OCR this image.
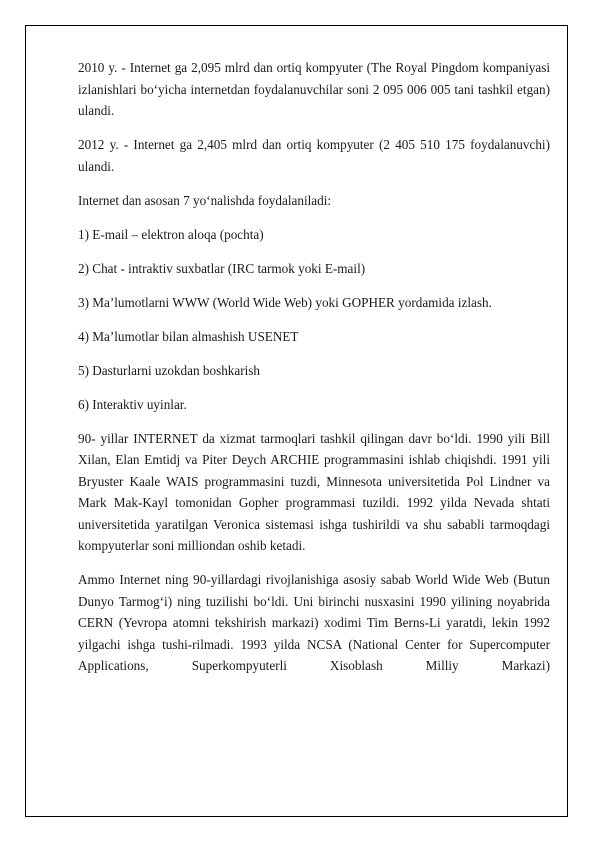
2010 y. - Internet ga 2,095 mlrd dan ortiq kompyuter (The Royal Pingdom kompaniyasi izlanishlari bo‘yicha internetdan foydalanuvchilar soni 2 095 006 005 tani tashkil etgan) ulandi.

2012 y. - Internet ga 2,405 mlrd dan ortiq kompyuter (2 405 510 175 foydalanuvchi) ulandi.

Internet dan asosan 7 yo‘nalishda foydalaniladi:

1) E-mail – elektron aloqa (pochta)

2) Chat - intraktiv suxbatlar (IRC tarmok yoki E-mail)

3) Ma’lumotlarni WWW (World Wide Web) yoki GOPHER yordamida izlash.

4) Ma’lumotlar bilan almashish USENET

5) Dasturlarni uzokdan boshkarish

6) Interaktiv uyinlar.

90- yillar INTERNET da xizmat tarmoqlari tashkil qilingan davr bo‘ldi. 1990 yili Bill Xilan, Elan Emtidj va Piter Deych ARCHIE programmasini ishlab chiqishdi. 1991 yili Bryuster Kaale WAIS programmasini tuzdi, Minnesota universitetida Pol Lindner va Mark Mak-Kayl tomonidan Gopher programmasi tuzildi. 1992 yilda Nevada shtati universitetida yaratilgan Veronica sistemasi ishga tushirildi va shu sababli tarmoqdagi kompyuterlar soni milliondan oshib ketadi.

Ammo Internet ning 90-yillardagi rivojlanishiga asosiy sabab World Wide Web (Butun Dunyo Tarmog‘i) ning tuzilishi bo‘ldi. Uni birinchi nusxasini 1990 yilining noyabrida CERN (Yevropa atomni tekshirish markazi) xodimi Tim Berns-Li yaratdi, lekin 1992 yilgachi ishga tushi-rilmadi. 1993 yilda NCSA (National Center for Supercomputer Applications, Superkompyuterli Xisoblash Milliy Markazi)
